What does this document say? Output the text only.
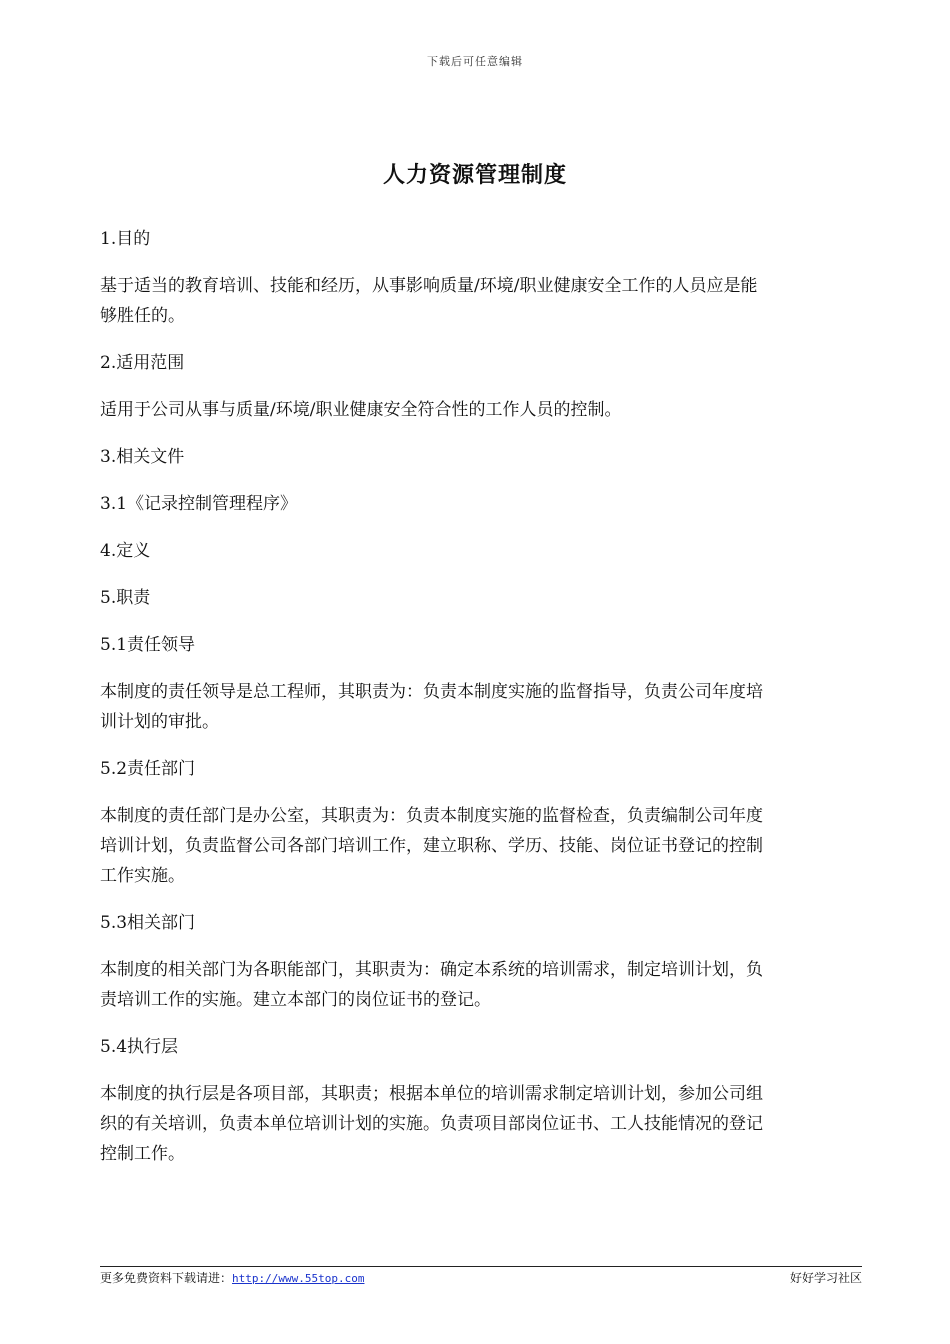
下载后可任意编辑
人力资源管理制度
1.目的
基于适当的教育培训、技能和经历，从事影响质量/环境/职业健康安全工作的人员应是能
够胜任的。
2.适用范围
适用于公司从事与质量/环境/职业健康安全符合性的工作人员的控制。
3.相关文件
3.1《记录控制管理程序》
4.定义
5.职责
5.1责任领导
本制度的责任领导是总工程师，其职责为：负责本制度实施的监督指导，负责公司年度培
训计划的审批。
5.2责任部门
本制度的责任部门是办公室，其职责为：负责本制度实施的监督检查，负责编制公司年度
培训计划，负责监督公司各部门培训工作，建立职称、学历、技能、岗位证书登记的控制
工作实施。
5.3相关部门
本制度的相关部门为各职能部门，其职责为：确定本系统的培训需求，制定培训计划，负
责培训工作的实施。建立本部门的岗位证书的登记。
5.4执行层
本制度的执行层是各项目部，其职责；根据本单位的培训需求制定培训计划，参加公司组
织的有关培训，负责本单位培训计划的实施。负责项目部岗位证书、工人技能情况的登记
控制工作。
更多免费资料下载请进：http://www.55top.com	好好学习社区
